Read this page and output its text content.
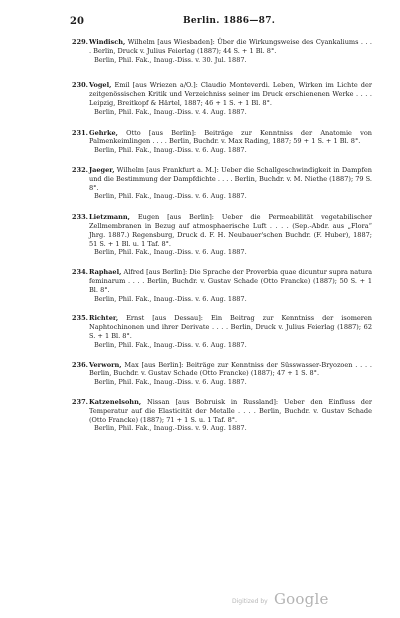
20	Berlin. 1886—87.
229. Windisch, Wilhelm [aus Wiesbaden]: Über die Wirkungsweise des Cyankaliums . . . . Berlin, Druck v. Julius Feierlag (1887); 44 S. + 1 Bl. 8°.
Berlin, Phil. Fak., Inaug.-Diss. v. 30. Jul. 1887.
230. Vogel, Emil [aus Wriezen a/O.]: Claudio Monteverdi. Leben, Wirken im Lichte der zeitgenössischen Kritik und Verzeichniss seiner im Druck erschienenen Werke . . . . Leipzig, Breitkopf & Härtel, 1887; 46 + 1 S. + 1 Bl. 8°.
Berlin, Phil. Fak., Inaug.-Diss. v. 4. Aug. 1887.
231. Gehrke, Otto [aus Berlin]: Beiträge zur Kenntniss der Anatomie von Palmenkeimlingen . . . . Berlin, Buchdr. v. Max Rading, 1887; 59 + 1 S. + 1 Bl. 8°.
Berlin, Phil. Fak., Inaug.-Diss. v. 6. Aug. 1887.
232. Jaeger, Wilhelm [aus Frankfurt a. M.]: Ueber die Schallgeschwindigkeit in Dampfen und die Bestimmung der Dampfdichte . . . . Berlin, Buchdr. v. M. Niethe (1887); 79 S. 8°.
Berlin, Phil. Fak., Inaug.-Diss. v. 6. Aug. 1887.
233. Lietzmann, Eugen [aus Berlin]: Ueber die Permeabilität vegetabilischer Zellmembranen in Bezug auf atmosphaerische Luft . . . . (Sep.-Abdr. aus „Flora“ Jhrg. 1887.) Regensburg, Druck d. F. H. Neubauer'schen Buchdr. (F. Huber), 1887; 51 S. + 1 Bl. u. 1 Taf. 8°.
Berlin, Phil. Fak., Inaug.-Diss. v. 6. Aug. 1887.
234. Raphael, Alfred [aus Berlin]: Die Sprache der Proverbia quae dicuntur supra natura feminarum . . . . Berlin, Buchdr. v. Gustav Schade (Otto Francke) (1887); 50 S. + 1 Bl. 8°.
Berlin, Phil. Fak., Inaug.-Diss. v. 6. Aug. 1887.
235. Richter, Ernst [aus Dessau]: Ein Beitrag zur Kenntniss der isomeren Naphtochinonen und ihrer Derivate . . . . Berlin, Druck v. Julius Feierlag (1887); 62 S. + 1 Bl. 8°.
Berlin, Phil. Fak., Inaug.-Diss. v. 6. Aug. 1887.
236. Verworn, Max [aus Berlin]: Beiträge zur Kenntniss der Süsswasser-Bryozoen . . . . Berlin, Buchdr. v. Gustav Schade (Otto Francke) (1887); 47 + 1 S. 8°.
Berlin, Phil. Fak., Inaug.-Diss. v. 6. Aug. 1887.
237. Katzenelsohn, Nissan [aus Bobruisk in Russland]: Ueber den Einfluss der Temperatur auf die Elasticität der Metalle . . . . Berlin, Buchdr. v. Gustav Schade (Otto Francke) (1887); 71 + 1 S. u. 1 Taf. 8°.
Berlin, Phil. Fak., Inaug.-Diss. v. 9. Aug. 1887.
Digitized by Google
